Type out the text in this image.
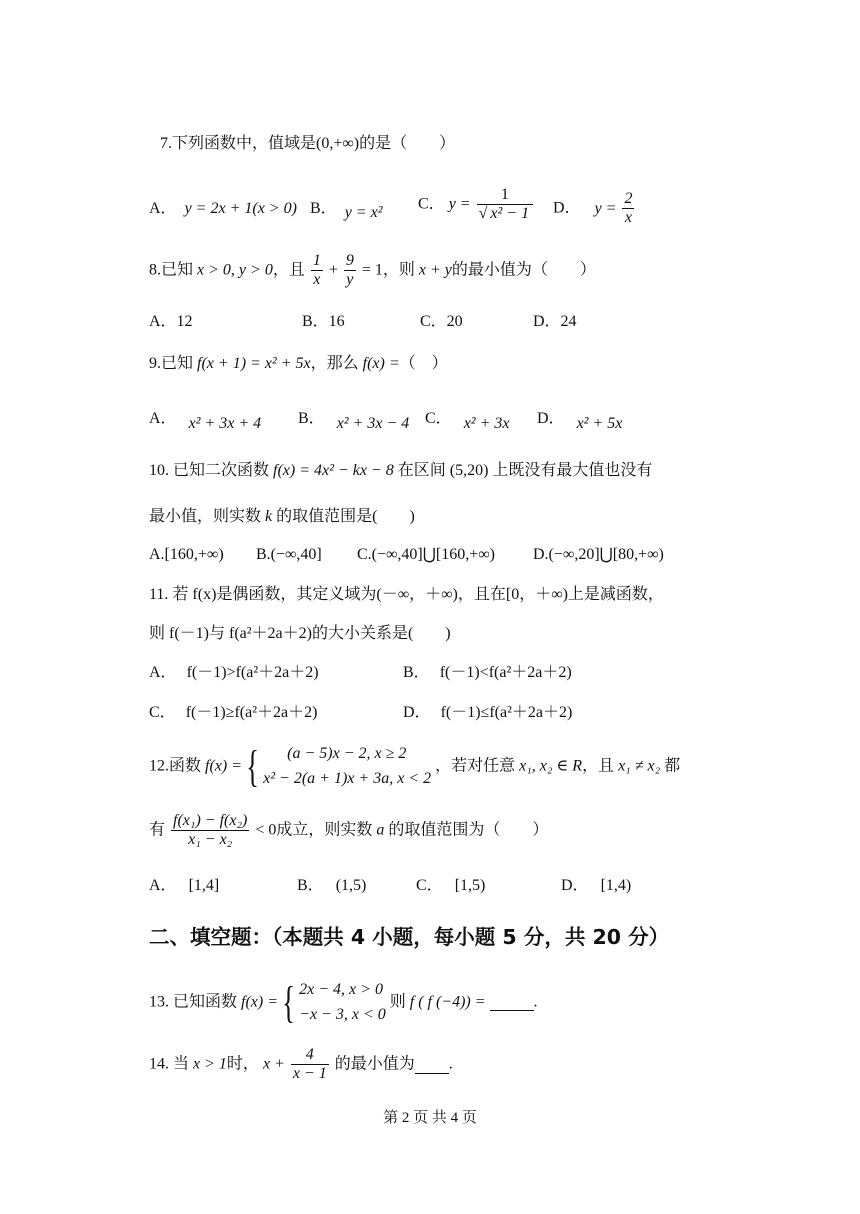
7.下列函数中，值域是(0,+∞)的是（　　）
A． y = 2x + 1(x > 0) B． y = x² C． $y = \frac{1}{\text{√ x² − 1}}$ D． $y = \frac{2}{x}$
8.已知 x > 0, y > 0，且 $\frac{1}{x} + \frac{9}{y} = 1$，则 x + y的最小值为（　　）
A．12	B．16	C．20	D．24
9.已知 f(x + 1) = x² + 5x，那么 f(x) =（　）
A． x² + 3x + 4 B． x² + 3x − 4 C． x² + 3x D． x² + 5x
10. 已知二次函数 f(x) = 4x² − kx − 8 在区间 (5,20) 上既没有最大值也没有
最小值，则实数 k 的取值范围是(　　)
A.[160,+∞) B.(−∞,40] C.(−∞,40]⋃[160,+∞) D.(−∞,20]⋃[80,+∞)
11. 若 f(x)是偶函数，其定义域为(－∞，＋∞)，且在[0，＋∞)上是减函数，
则 f(－1)与 f(a²＋2a＋2)的大小关系是(　　)
A． f(－1)>f(a²＋2a＋2)	B． f(－1)<f(a²＋2a＋2)
C． f(－1)≥f(a²＋2a＋2)	D． f(－1)≤f(a²＋2a＋2)
12.函数 f(x) = {	(a − 5)x − 2, x ≥ 2
x² − 2(a + 1)x + 3a, x < 2
，若对任意 x₁, x₂ ∈ R，且 x₁ ≠ x₂ 都
有 $\frac{\text{f(x₁) − f(x₂)}}{\text{x₁ − x₂}} < 0$成立，则实数 a 的取值范围为（　　）
A． [1,4]	B． (1,5)	C． [1,5)	D． [1,4)
二、填空题：（本题共 4 小题，每小题 5 分，共 20 分）
13. 已知函数 f(x) = { 2x − 4, x > 0
−x − 3, x < 0
则 f ( f (−4)) =	.
14. 当 x > 1时， $x + \frac{4}{x - 1}$ 的最小值为 .
第 2 页 共 4 页
